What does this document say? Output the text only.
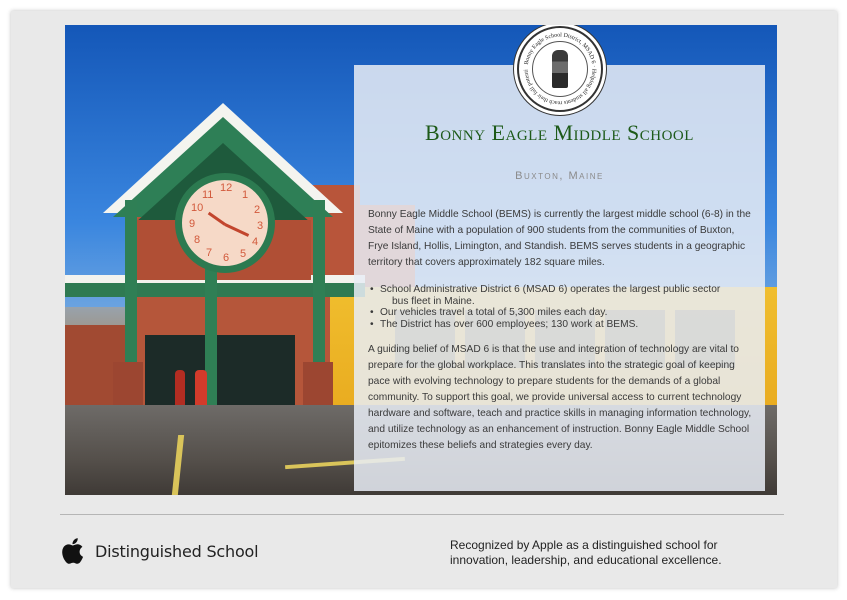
12
1
2
3
4
5
6
7
8
9
10
11
Bonny Eagle School District, MSAD 6 · Helping all students reach their full potenti
Bonny Eagle Middle School
Buxton, Maine
Bonny Eagle Middle School (BEMS) is currently the largest middle school (6-8) in the State of Maine with a population of 900 students from the communities of Buxton, Frye Island, Hollis, Limington, and Standish. BEMS serves students in a geographic territory that covers approximately 182 square miles.
• School Administrative District 6 (MSAD 6) operates the largest public sector
bus fleet in Maine.
• Our vehicles travel a total of 5,300 miles each day.
• The District has over 600 employees; 130 work at BEMS.
A guiding belief of MSAD 6 is that the use and integration of technology are vital to prepare for the global workplace. This translates into the strategic goal of keeping pace with evolving technology to prepare students for the demands of a global community. To support this goal, we provide universal access to current technology hardware and software, teach and practice skills in managing information technology, and utilize technology as an enhancement of instruction. Bonny Eagle Middle School epitomizes these beliefs and strategies every day.
Distinguished School	Recognized by Apple as a distinguished school for
innovation, leadership, and educational excellence.
